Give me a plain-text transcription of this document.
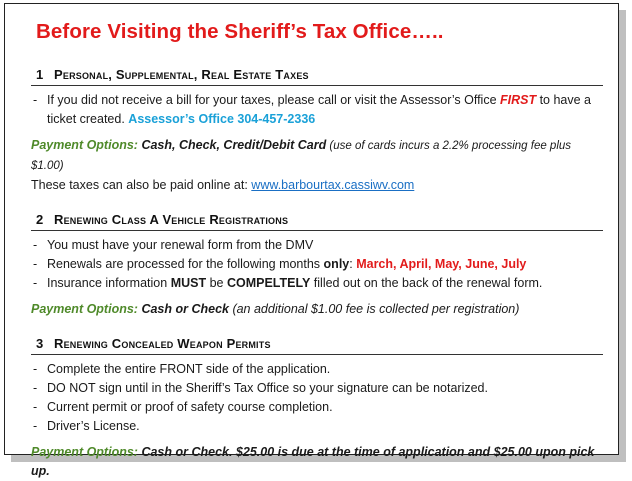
Before Visiting the Sheriff’s Tax Office…..
1 Personal, Supplemental, Real Estate Taxes
- If you did not receive a bill for your taxes, please call or visit the Assessor’s Office FIRST to have a ticket created. Assessor’s Office 304-457-2336
Payment Options: Cash, Check, Credit/Debit Card (use of cards incurs a 2.2% processing fee plus $1.00)
These taxes can also be paid online at: www.barbourtax.cassiwv.com
2 Renewing Class A Vehicle Registrations
- You must have your renewal form from the DMV
- Renewals are processed for the following months only: March, April, May, June, July
- Insurance information MUST be COMPELTELY filled out on the back of the renewal form.
Payment Options: Cash or Check (an additional $1.00 fee is collected per registration)
3 Renewing Concealed Weapon Permits
- Complete the entire FRONT side of the application.
- DO NOT sign until in the Sheriff’s Tax Office so your signature can be notarized.
- Current permit or proof of safety course completion.
- Driver’s License.
Payment Options: Cash or Check. $25.00 is due at the time of application and $25.00 upon pick up.
